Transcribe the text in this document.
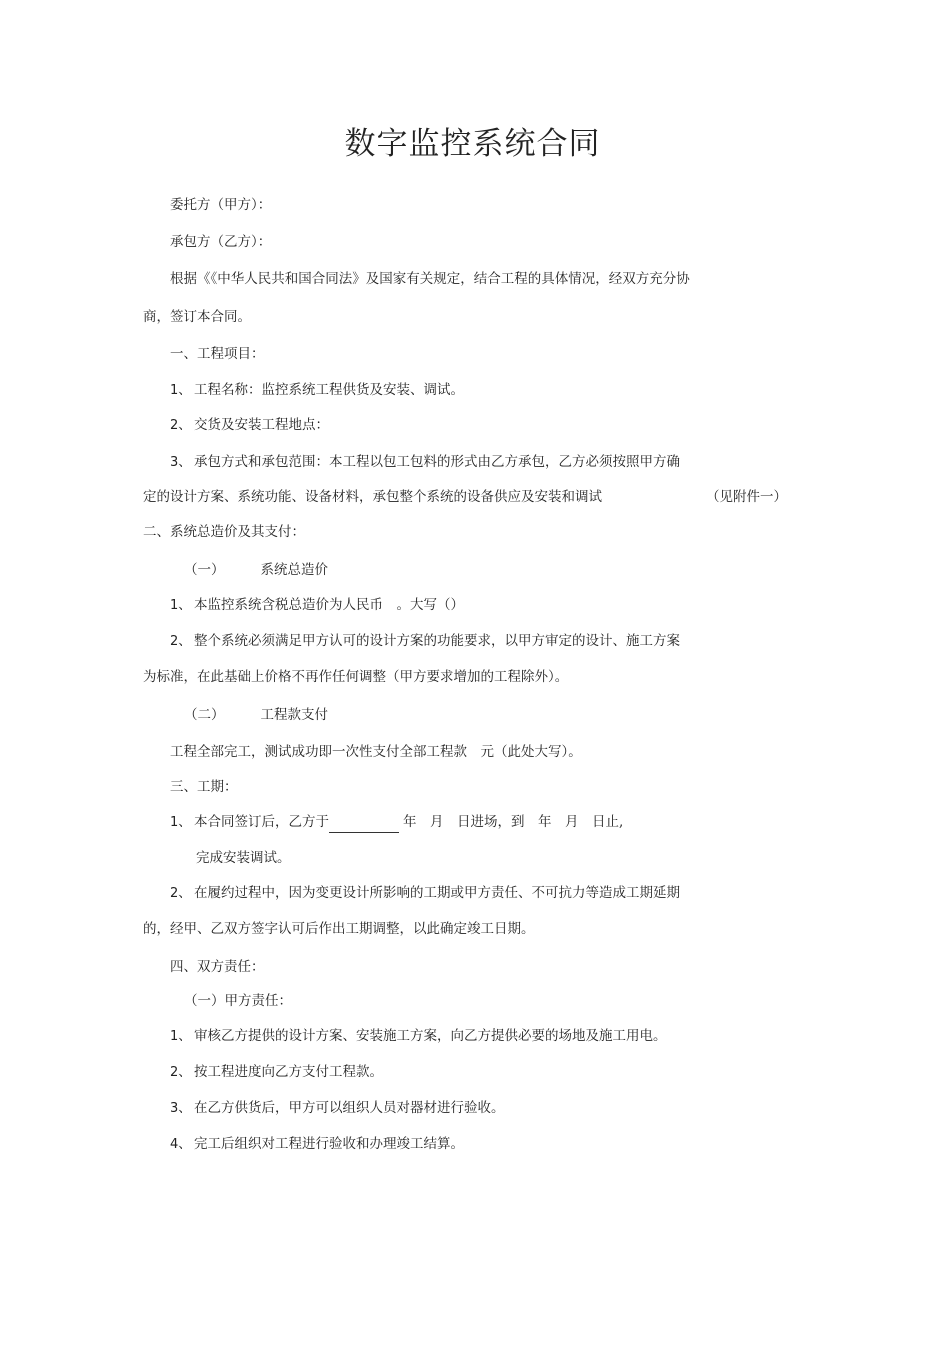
数字监控系统合同
委托方（甲方）：
承包方（乙方）：
根据《《中华人民共和国合同法》及国家有关规定，结合工程的具体情况，经双方充分协
商，签订本合同。
一、工程项目：
1、 工程名称：监控系统工程供货及安装、调试。
2、 交货及安装工程地点：
3、 承包方式和承包范围：本工程以包工包料的形式由乙方承包，乙方必须按照甲方确
定的设计方案、系统功能、设备材料，承包整个系统的设备供应及安装和调试	（见附件一）
二、系统总造价及其支付：
（一）	系统总造价
1、 本监控系统含税总造价为人民币　。大写（）
2、 整个系统必须满足甲方认可的设计方案的功能要求，以甲方审定的设计、施工方案
为标准，在此基础上价格不再作任何调整（甲方要求增加的工程除外）。
（二）	工程款支付
工程全部完工，测试成功即一次性支付全部工程款　元（此处大写）。
三、工期：
1、 本合同签订后，乙方于	年　月　日进场，到　年　月　日止,
完成安装调试。
2、 在履约过程中，因为变更设计所影响的工期或甲方责任、不可抗力等造成工期延期
的，经甲、乙双方签字认可后作出工期调整，以此确定竣工日期。
四、双方责任：
（一）甲方责任：
1、 审核乙方提供的设计方案、安装施工方案，向乙方提供必要的场地及施工用电。
2、 按工程进度向乙方支付工程款。
3、 在乙方供货后，甲方可以组织人员对器材进行验收。
4、 完工后组织对工程进行验收和办理竣工结算。
